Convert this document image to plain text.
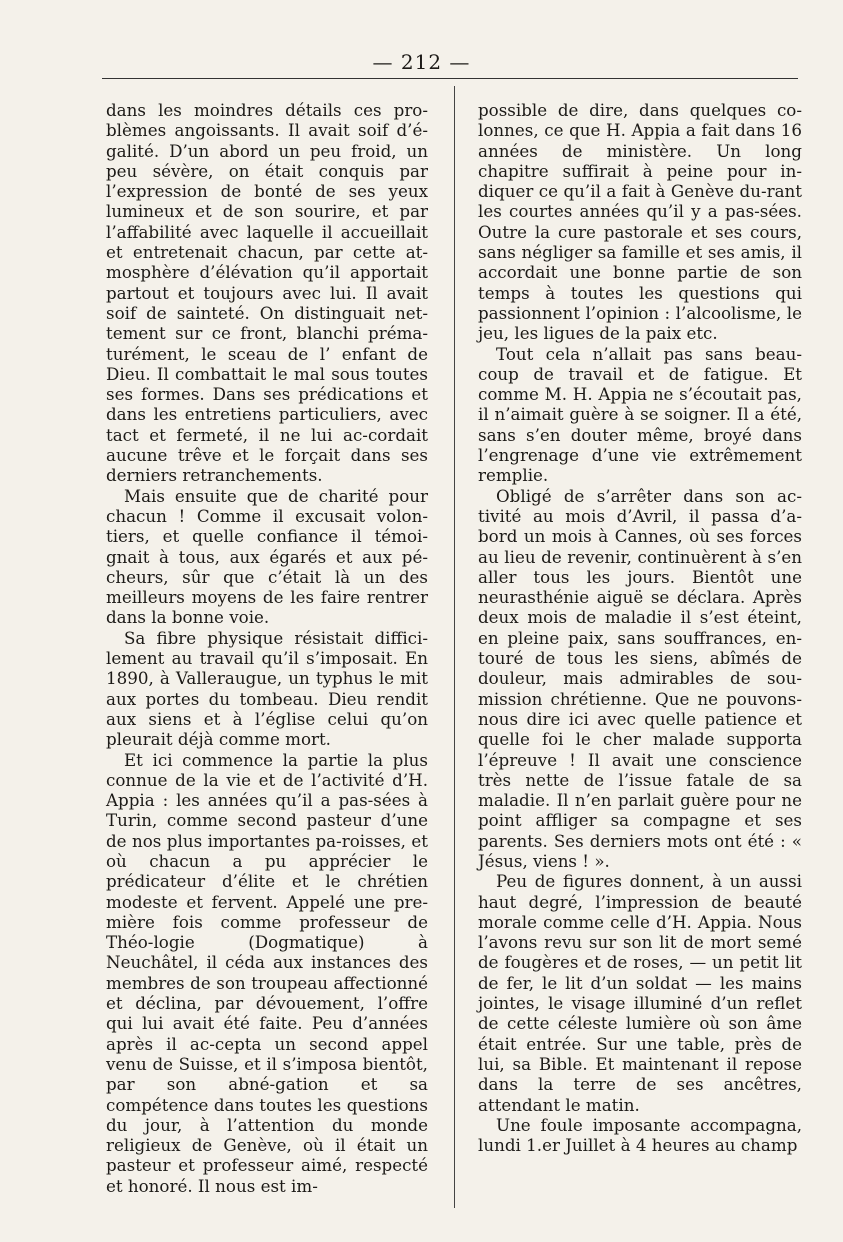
— 212 —

dans les moindres détails ces pro-blèmes angoissants. Il avait soif d’é-galité. D’un abord un peu froid, un peu sévère, on était conquis par l’expression de bonté de ses yeux lumineux et de son sourire, et par l’affabilité avec laquelle il accueillait et entretenait chacun, par cette at-mosphère d’élévation qu’il apportait partout et toujours avec lui. Il avait soif de sainteté. On distinguait net-tement sur ce front, blanchi préma-turément, le sceau de l’ enfant de Dieu. Il combattait le mal sous toutes ses formes. Dans ses prédications et dans les entretiens particuliers, avec tact et fermeté, il ne lui ac-cordait aucune trêve et le forçait dans ses derniers retranchements.

Mais ensuite que de charité pour chacun ! Comme il excusait volon-tiers, et quelle confiance il témoi-gnait à tous, aux égarés et aux pé-cheurs, sûr que c’était là un des meilleurs moyens de les faire rentrer dans la bonne voie.

Sa fibre physique résistait diffici-lement au travail qu’il s’imposait. En 1890, à Valleraugue, un typhus le mit aux portes du tombeau. Dieu rendit aux siens et à l’église celui qu’on pleurait déjà comme mort.

Et ici commence la partie la plus connue de la vie et de l’activité d’H. Appia : les années qu’il a pas-sées à Turin, comme second pasteur d’une de nos plus importantes pa-roisses, et où chacun a pu apprécier le prédicateur d’élite et le chrétien modeste et fervent. Appelé une pre-mière fois comme professeur de Théo-logie (Dogmatique) à Neuchâtel, il céda aux instances des membres de son troupeau affectionné et déclina, par dévouement, l’offre qui lui avait été faite. Peu d’années après il ac-cepta un second appel venu de Suisse, et il s’imposa bientôt, par son abné-gation et sa compétence dans toutes les questions du jour, à l’attention du monde religieux de Genève, où il était un pasteur et professeur aimé, respecté et honoré. Il nous est im-

possible de dire, dans quelques co-lonnes, ce que H. Appia a fait dans 16 années de ministère. Un long chapitre suffirait à peine pour in-diquer ce qu’il a fait à Genève du-rant les courtes années qu’il y a pas-sées. Outre la cure pastorale et ses cours, sans négliger sa famille et ses amis, il accordait une bonne partie de son temps à toutes les questions qui passionnent l’opinion : l’alcoolisme, le jeu, les ligues de la paix etc.

Tout cela n’allait pas sans beau-coup de travail et de fatigue. Et comme M. H. Appia ne s’écoutait pas, il n’aimait guère à se soigner. Il a été, sans s’en douter même, broyé dans l’engrenage d’une vie extrêmement remplie.

Obligé de s’arrêter dans son ac-tivité au mois d’Avril, il passa d’a-bord un mois à Cannes, où ses forces au lieu de revenir, continuèrent à s’en aller tous les jours. Bientôt une neurasthénie aiguë se déclara. Après deux mois de maladie il s’est éteint, en pleine paix, sans souffrances, en-touré de tous les siens, abîmés de douleur, mais admirables de sou-mission chrétienne. Que ne pouvons-nous dire ici avec quelle patience et quelle foi le cher malade supporta l’épreuve ! Il avait une conscience très nette de l’issue fatale de sa maladie. Il n’en parlait guère pour ne point affliger sa compagne et ses parents. Ses derniers mots ont été : « Jésus, viens ! ».

Peu de figures donnent, à un aussi haut degré, l’impression de beauté morale comme celle d’H. Appia. Nous l’avons revu sur son lit de mort semé de fougères et de roses, — un petit lit de fer, le lit d’un soldat — les mains jointes, le visage illuminé d’un reflet de cette céleste lumière où son âme était entrée. Sur une table, près de lui, sa Bible. Et maintenant il repose dans la terre de ses ancêtres, attendant le matin.

Une foule imposante accompagna, lundi 1.er Juillet à 4 heures au champ
